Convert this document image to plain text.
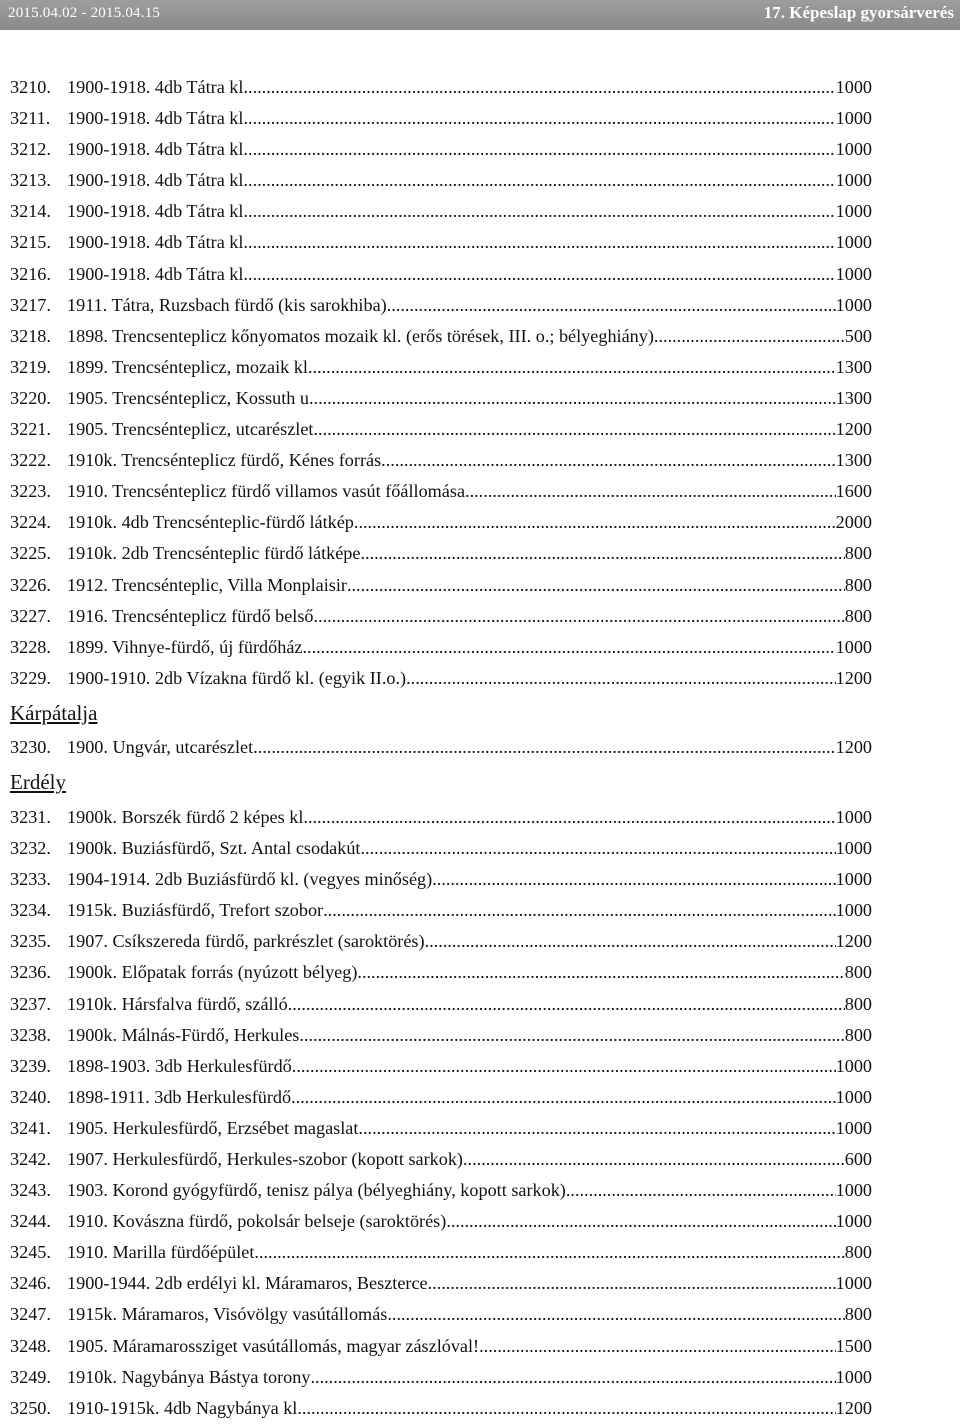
2015.04.02 - 2015.04.15	17. Képeslap gyorsárverés
3210. 1900-1918. 4db Tátra kl. .....	1000
3211. 1900-1918. 4db Tátra kl. .....	1000
3212. 1900-1918. 4db Tátra kl. .....	1000
3213. 1900-1918. 4db Tátra kl. .....	1000
3214. 1900-1918. 4db Tátra kl. .....	1000
3215. 1900-1918. 4db Tátra kl. .....	1000
3216. 1900-1918. 4db Tátra kl. .....	1000
3217. 1911. Tátra, Ruzsbach fürdő (kis sarokhiba) .....	1000
3218. 1898. Trencsenteplicz kőnyomatos mozaik kl. (erős törések, III. o.; bélyeghiány) .....	500
3219. 1899. Trencsénteplicz, mozaik kl. .....	1300
3220. 1905. Trencsénteplicz, Kossuth u. .....	1300
3221. 1905. Trencsénteplicz, utcarészlet .....	1200
3222. 1910k. Trencsénteplicz fürdő, Kénes forrás .....	1300
3223. 1910. Trencsénteplicz fürdő villamos vasút főállomása .....	1600
3224. 1910k. 4db Trencsénteplic-fürdő látkép .....	2000
3225. 1910k. 2db Trencsénteplic fürdő látképe .....	800
3226. 1912. Trencsénteplic, Villa Monplaisir .....	800
3227. 1916. Trencsénteplicz fürdő belső .....	800
3228. 1899. Vihnye-fürdő, új fürdőház .....	1000
3229. 1900-1910. 2db Vízakna fürdő kl. (egyik II.o.) .....	1200
Kárpátalja
3230. 1900. Ungvár, utcarészlet .....	1200
Erdély
3231. 1900k. Borszék fürdő 2 képes kl. .....	1000
3232. 1900k. Buziásfürdő, Szt. Antal csodakút .....	1000
3233. 1904-1914. 2db Buziásfürdő kl. (vegyes minőség) .....	1000
3234. 1915k. Buziásfürdő, Trefort szobor .....	1000
3235. 1907. Csíkszereda fürdő, parkrészlet (saroktörés) .....	1200
3236. 1900k. Előpatak forrás (nyúzott bélyeg) .....	800
3237. 1910k. Hársfalva fürdő, szálló .....	800
3238. 1900k. Málnás-Fürdő, Herkules .....	800
3239. 1898-1903. 3db Herkulesfürdő .....	1000
3240. 1898-1911. 3db Herkulesfürdő .....	1000
3241. 1905. Herkulesfürdő, Erzsébet magaslat .....	1000
3242. 1907. Herkulesfürdő, Herkules-szobor (kopott sarkok) .....	600
3243. 1903. Korond gyógyfürdő, tenisz pálya (bélyeghiány, kopott sarkok) .....	1000
3244. 1910. Kovászna fürdő, pokolsár belseje (saroktörés) .....	1000
3245. 1910. Marilla fürdőépület .....	800
3246. 1900-1944. 2db erdélyi kl. Máramaros, Beszterce .....	1000
3247. 1915k. Máramaros, Visóvölgy vasútállomás .....	800
3248. 1905. Máramarossziget vasútállomás, magyar zászlóval! .....	1500
3249. 1910k. Nagybánya Bástya torony .....	1000
3250. 1910-1915k. 4db Nagybánya kl. .....	1200
